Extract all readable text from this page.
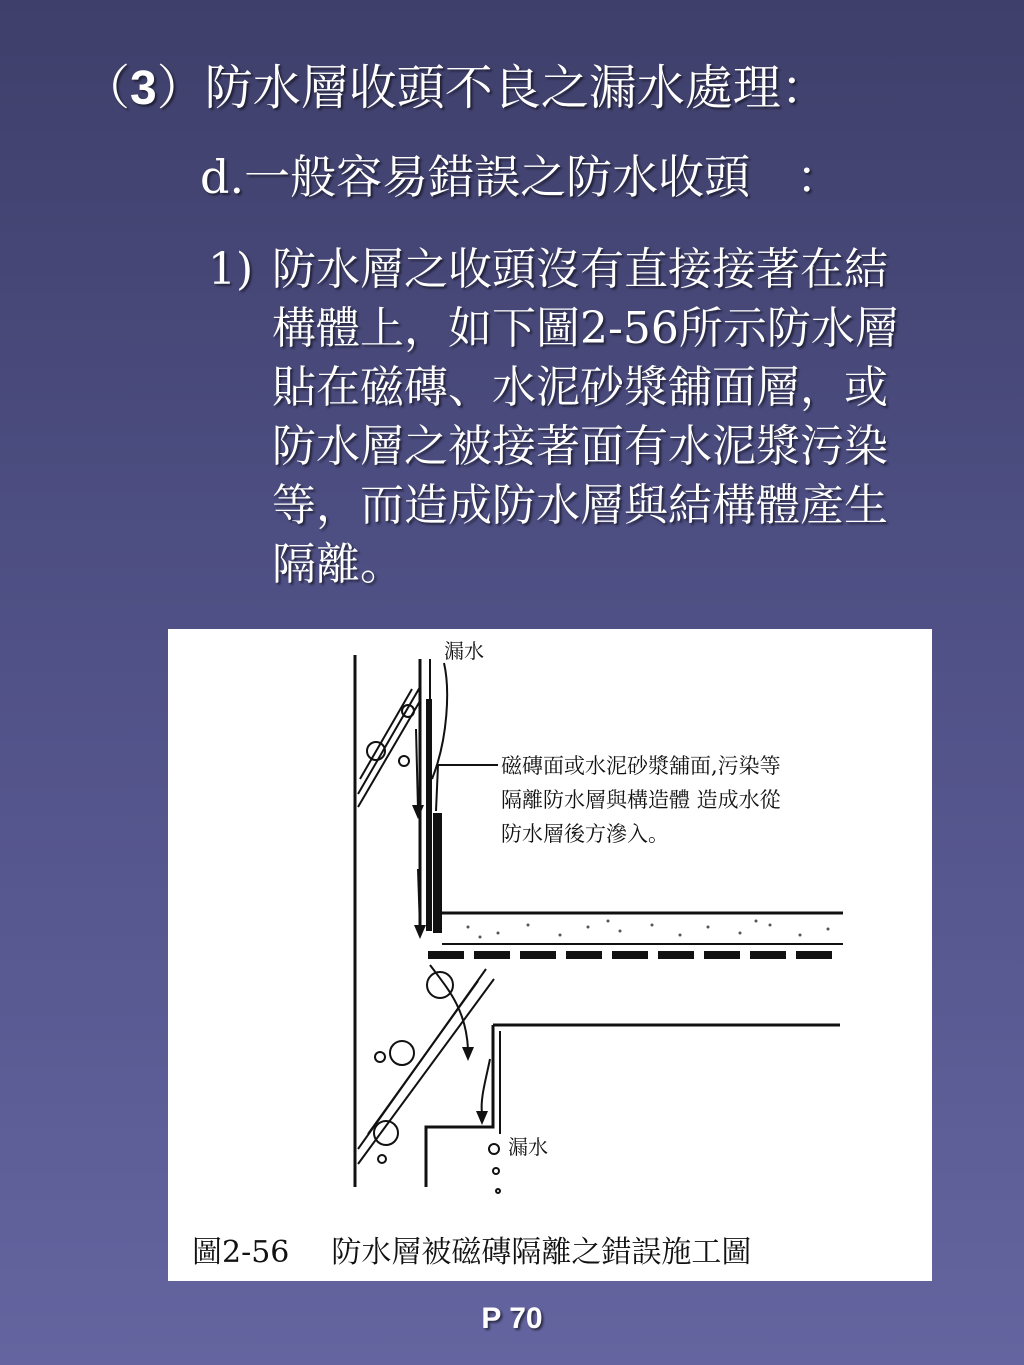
（3）防水層收頭不良之漏水處理：
d.一般容易錯誤之防水收頭　：
1) 防水層之收頭沒有直接接著在結構體上，如下圖2-56所示防水層貼在磁磚、水泥砂漿舖面層，或防水層之被接著面有水泥漿污染等，而造成防水層與結構體產生隔離。
漏水
漏水
磁磚面或水泥砂漿舖面,污染等
隔離防水層與構造體 造成水從
防水層後方滲入。
圖2-56 防水層被磁磚隔離之錯誤施工圖
P 70
